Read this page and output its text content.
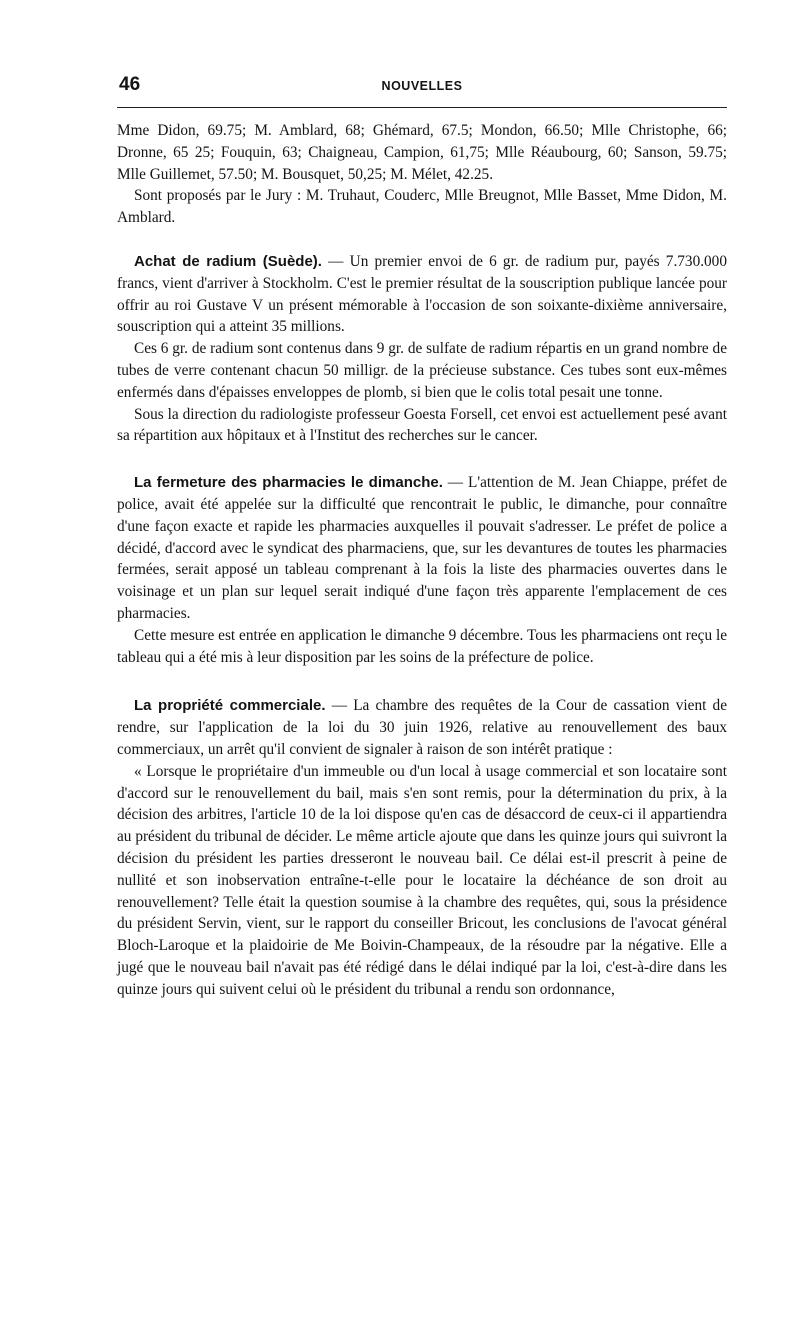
46	NOUVELLES

Mme Didon, 69.75; M. Amblard, 68; Ghémard, 67.5; Mondon, 66.50; Mlle Christophe, 66; Dronne, 65 25; Fouquin, 63; Chaigneau, Campion, 61,75; Mlle Réaubourg, 60; Sanson, 59.75; Mlle Guillemet, 57.50; M. Bousquet, 50,25; M. Mélet, 42.25.

Sont proposés par le Jury : M. Truhaut, Couderc, Mlle Breugnot, Mlle Basset, Mme Didon, M. Amblard.

Achat de radium (Suède). — Un premier envoi de 6 gr. de radium pur, payés 7.730.000 francs, vient d'arriver à Stockholm. C'est le premier résultat de la souscription publique lancée pour offrir au roi Gustave V un présent mémorable à l'occasion de son soixante-dixième anniversaire, souscription qui a atteint 35 millions.

Ces 6 gr. de radium sont contenus dans 9 gr. de sulfate de radium répartis en un grand nombre de tubes de verre contenant chacun 50 milligr. de la précieuse substance. Ces tubes sont eux-mêmes enfermés dans d'épaisses enveloppes de plomb, si bien que le colis total pesait une tonne.

Sous la direction du radiologiste professeur Goesta Forsell, cet envoi est actuellement pesé avant sa répartition aux hôpitaux et à l'Institut des recherches sur le cancer.

La fermeture des pharmacies le dimanche. — L'attention de M. Jean Chiappe, préfet de police, avait été appelée sur la difficulté que rencontrait le public, le dimanche, pour connaître d'une façon exacte et rapide les pharmacies auxquelles il pouvait s'adresser. Le préfet de police a décidé, d'accord avec le syndicat des pharmaciens, que, sur les devantures de toutes les pharmacies fermées, serait apposé un tableau comprenant à la fois la liste des pharmacies ouvertes dans le voisinage et un plan sur lequel serait indiqué d'une façon très apparente l'emplacement de ces pharmacies.

Cette mesure est entrée en application le dimanche 9 décembre. Tous les pharmaciens ont reçu le tableau qui a été mis à leur disposition par les soins de la préfecture de police.

La propriété commerciale. — La chambre des requêtes de la Cour de cassation vient de rendre, sur l'application de la loi du 30 juin 1926, relative au renouvellement des baux commerciaux, un arrêt qu'il convient de signaler à raison de son intérêt pratique :

« Lorsque le propriétaire d'un immeuble ou d'un local à usage commercial et son locataire sont d'accord sur le renouvellement du bail, mais s'en sont remis, pour la détermination du prix, à la décision des arbitres, l'article 10 de la loi dispose qu'en cas de désaccord de ceux-ci il appartiendra au président du tribunal de décider. Le même article ajoute que dans les quinze jours qui suivront la décision du président les parties dresseront le nouveau bail. Ce délai est-il prescrit à peine de nullité et son inobservation entraîne-t-elle pour le locataire la déchéance de son droit au renouvellement? Telle était la question soumise à la chambre des requêtes, qui, sous la présidence du président Servin, vient, sur le rapport du conseiller Bricout, les conclusions de l'avocat général Bloch-Laroque et la plaidoirie de Me Boivin-Champeaux, de la résoudre par la négative. Elle a jugé que le nouveau bail n'avait pas été rédigé dans le délai indiqué par la loi, c'est-à-dire dans les quinze jours qui suivent celui où le président du tribunal a rendu son ordonnance,
